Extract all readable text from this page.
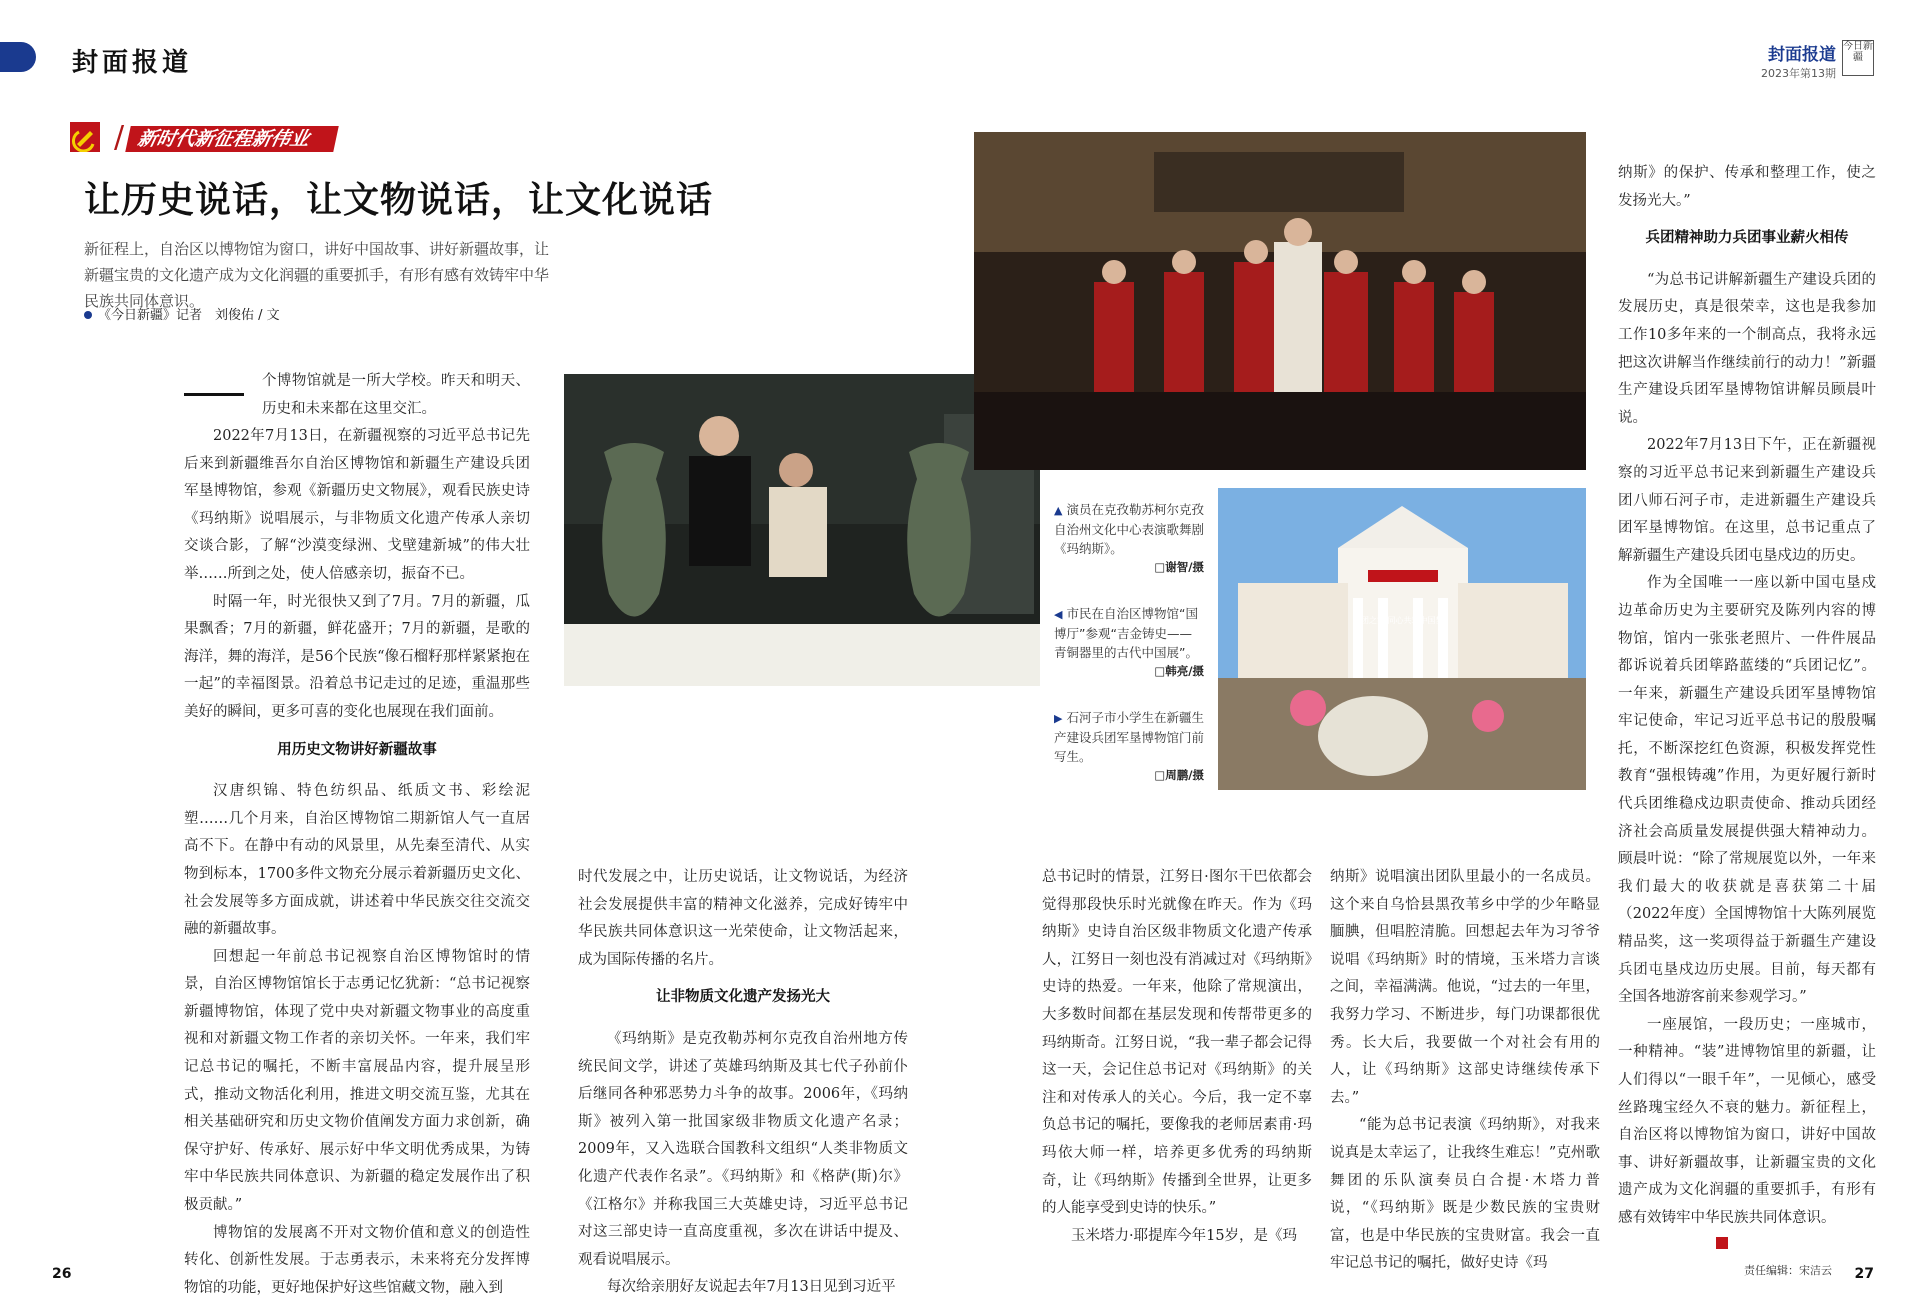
封面报道	封面报道
2023年第13期
今日新疆
/ 新时代新征程新伟业
让历史说话，让文物说话，让文化说话
新征程上，自治区以博物馆为窗口，讲好中国故事、讲好新疆故事，让新疆宝贵的文化遗产成为文化润疆的重要抓手，有形有感有效铸牢中华民族共同体意识。
《今日新疆》记者　刘俊佑 / 文

个博物馆就是一所大学校。昨天和明天、历史和未来都在这里交汇。

2022年7月13日，在新疆视察的习近平总书记先后来到新疆维吾尔自治区博物馆和新疆生产建设兵团军垦博物馆，参观《新疆历史文物展》，观看民族史诗《玛纳斯》说唱展示，与非物质文化遗产传承人亲切交谈合影，了解“沙漠变绿洲、戈壁建新城”的伟大壮举……所到之处，使人倍感亲切，振奋不已。

时隔一年，时光很快又到了7月。7月的新疆，瓜果飘香；7月的新疆，鲜花盛开；7月的新疆，是歌的海洋，舞的海洋，是56个民族“像石榴籽那样紧紧抱在一起”的幸福图景。沿着总书记走过的足迹，重温那些美好的瞬间，更多可喜的变化也展现在我们面前。

用历史文物讲好新疆故事

汉唐织锦、特色纺织品、纸质文书、彩绘泥塑……几个月来，自治区博物馆二期新馆人气一直居高不下。在静中有动的风景里，从先秦至清代、从实物到标本，1700多件文物充分展示着新疆历史文化、社会发展等多方面成就，讲述着中华民族交往交流交融的新疆故事。

回想起一年前总书记视察自治区博物馆时的情景，自治区博物馆馆长于志勇记忆犹新：“总书记视察新疆博物馆，体现了党中央对新疆文物事业的高度重视和对新疆文物工作者的亲切关怀。一年来，我们牢记总书记的嘱托，不断丰富展品内容，提升展呈形式，推动文物活化利用，推进文明交流互鉴，尤其在相关基础研究和历史文物价值阐发方面力求创新，确保守护好、传承好、展示好中华文明优秀成果，为铸牢中华民族共同体意识、为新疆的稳定发展作出了积极贡献。”

博物馆的发展离不开对文物价值和意义的创造性转化、创新性发展。于志勇表示，未来将充分发挥博物馆的功能，更好地保护好这些馆藏文物，融入到

时代发展之中，让历史说话，让文物说话，为经济社会发展提供丰富的精神文化滋养，完成好铸牢中华民族共同体意识这一光荣使命，让文物活起来，成为国际传播的名片。

让非物质文化遗产发扬光大

《玛纳斯》是克孜勒苏柯尔克孜自治州地方传统民间文学，讲述了英雄玛纳斯及其七代子孙前仆后继同各种邪恶势力斗争的故事。2006年，《玛纳斯》被列入第一批国家级非物质文化遗产名录；2009年，又入选联合国教科文组织“人类非物质文化遗产代表作名录”。《玛纳斯》和《格萨(斯)尔》《江格尔》并称我国三大英雄史诗，习近平总书记对这三部史诗一直高度重视，多次在讲话中提及、观看说唱展示。

每次给亲朋好友说起去年7月13日见到习近平

总书记时的情景，江努日·图尔干巴依都会觉得那段快乐时光就像在昨天。作为《玛纳斯》史诗自治区级非物质文化遗产传承人，江努日一刻也没有消减过对《玛纳斯》史诗的热爱。一年来，他除了常规演出，大多数时间都在基层发现和传帮带更多的玛纳斯奇。江努日说，“我一辈子都会记得这一天，会记住总书记对《玛纳斯》的关注和对传承人的关心。今后，我一定不辜负总书记的嘱托，要像我的老师居素甫·玛玛依大师一样，培养更多优秀的玛纳斯奇，让《玛纳斯》传播到全世界，让更多的人能享受到史诗的快乐。”

玉米塔力·耶提库今年15岁，是《玛

纳斯》说唱演出团队里最小的一名成员。这个来自乌恰县黑孜苇乡中学的少年略显腼腆，但唱腔清脆。回想起去年为习爷爷说唱《玛纳斯》时的情境，玉米塔力言谈之间，幸福满满。他说，“过去的一年里，我努力学习、不断进步，每门功课都很优秀。长大后，我要做一个对社会有用的人，让《玛纳斯》这部史诗继续传承下去。”

“能为总书记表演《玛纳斯》，对我来说真是太幸运了，让我终生难忘！”克州歌舞团的乐队演奏员白合提·木塔力普说，“《玛纳斯》既是少数民族的宝贵财富，也是中华民族的宝贵财富。我会一直牢记总书记的嘱托，做好史诗《玛

纳斯》的保护、传承和整理工作，使之发扬光大。”

兵团精神助力兵团事业薪火相传

“为总书记讲解新疆生产建设兵团的发展历史，真是很荣幸，这也是我参加工作10多年来的一个制高点，我将永远把这次讲解当作继续前行的动力！”新疆生产建设兵团军垦博物馆讲解员顾晨叶说。

2022年7月13日下午，正在新疆视察的习近平总书记来到新疆生产建设兵团八师石河子市，走进新疆生产建设兵团军垦博物馆。在这里，总书记重点了解新疆生产建设兵团屯垦戍边的历史。

作为全国唯一一座以新中国屯垦戍边革命历史为主要研究及陈列内容的博物馆，馆内一张张老照片、一件件展品都诉说着兵团筚路蓝缕的“兵团记忆”。一年来，新疆生产建设兵团军垦博物馆牢记使命，牢记习近平总书记的殷殷嘱托，不断深挖红色资源，积极发挥党性教育“强根铸魂”作用，为更好履行新时代兵团维稳戍边职责使命、推动兵团经济社会高质量发展提供强大精神动力。顾晨叶说：“除了常规展览以外，一年来我们最大的收获就是喜获第二十届（2022年度）全国博物馆十大陈列展览精品奖，这一奖项得益于新疆生产建设兵团屯垦戍边历史展。目前，每天都有全国各地游客前来参观学习。”

一座展馆，一段历史；一座城市，一种精神。“装”进博物馆里的新疆，让人们得以“一眼千年”，一见倾心，感受丝路瑰宝经久不衰的魅力。新征程上，自治区将以博物馆为窗口，讲好中国故事、讲好新疆故事，让新疆宝贵的文化遗产成为文化润疆的重要抓手，有形有感有效铸牢中华民族共同体意识。

兵团之家 同心共筑中国梦
▲ 演员在克孜勒苏柯尔克孜自治州文化中心表演歌舞剧《玛纳斯》。
□谢智/摄
◀ 市民在自治区博物馆“国博厅”参观“吉金铸史——青铜器里的古代中国展”。
□韩亮/摄
▶ 石河子市小学生在新疆生产建设兵团军垦博物馆门前写生。
□周鹏/摄
26	27
责任编辑：宋洁云
